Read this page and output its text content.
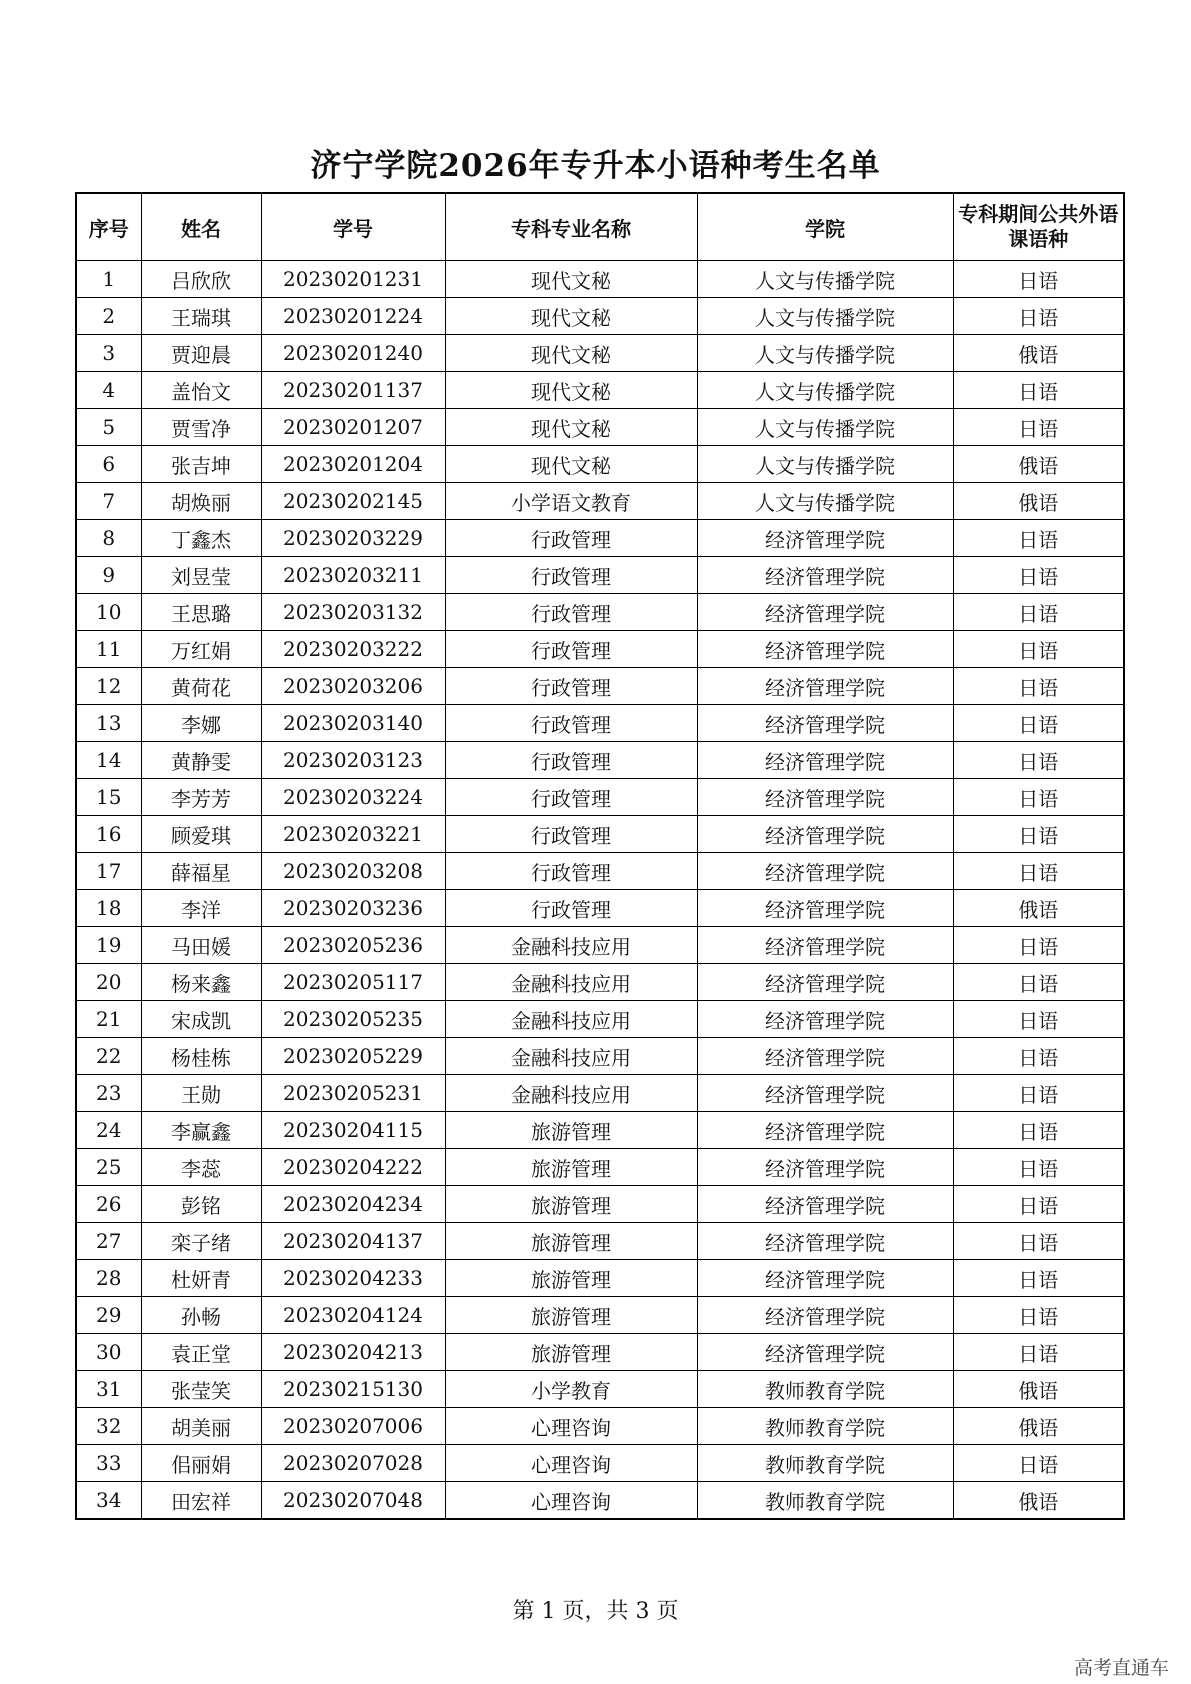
济宁学院2026年专升本小语种考生名单
序号	姓名	学号	专科专业名称	学院	专科期间公共外语课语种
1	吕欣欣	20230201231	现代文秘	人文与传播学院	日语
2	王瑞琪	20230201224	现代文秘	人文与传播学院	日语
3	贾迎晨	20230201240	现代文秘	人文与传播学院	俄语
4	盖怡文	20230201137	现代文秘	人文与传播学院	日语
5	贾雪净	20230201207	现代文秘	人文与传播学院	日语
6	张吉坤	20230201204	现代文秘	人文与传播学院	俄语
7	胡焕丽	20230202145	小学语文教育	人文与传播学院	俄语
8	丁鑫杰	20230203229	行政管理	经济管理学院	日语
9	刘昱莹	20230203211	行政管理	经济管理学院	日语
10	王思璐	20230203132	行政管理	经济管理学院	日语
11	万红娟	20230203222	行政管理	经济管理学院	日语
12	黄荷花	20230203206	行政管理	经济管理学院	日语
13	李娜	20230203140	行政管理	经济管理学院	日语
14	黄静雯	20230203123	行政管理	经济管理学院	日语
15	李芳芳	20230203224	行政管理	经济管理学院	日语
16	顾爱琪	20230203221	行政管理	经济管理学院	日语
17	薛福星	20230203208	行政管理	经济管理学院	日语
18	李洋	20230203236	行政管理	经济管理学院	俄语
19	马田媛	20230205236	金融科技应用	经济管理学院	日语
20	杨来鑫	20230205117	金融科技应用	经济管理学院	日语
21	宋成凯	20230205235	金融科技应用	经济管理学院	日语
22	杨桂栋	20230205229	金融科技应用	经济管理学院	日语
23	王勋	20230205231	金融科技应用	经济管理学院	日语
24	李赢鑫	20230204115	旅游管理	经济管理学院	日语
25	李蕊	20230204222	旅游管理	经济管理学院	日语
26	彭铭	20230204234	旅游管理	经济管理学院	日语
27	栾子绪	20230204137	旅游管理	经济管理学院	日语
28	杜妍青	20230204233	旅游管理	经济管理学院	日语
29	孙畅	20230204124	旅游管理	经济管理学院	日语
30	袁正堂	20230204213	旅游管理	经济管理学院	日语
31	张莹笑	20230215130	小学教育	教师教育学院	俄语
32	胡美丽	20230207006	心理咨询	教师教育学院	俄语
33	佀丽娟	20230207028	心理咨询	教师教育学院	日语
34	田宏祥	20230207048	心理咨询	教师教育学院	俄语
第 1 页，共 3 页
高考直通车
